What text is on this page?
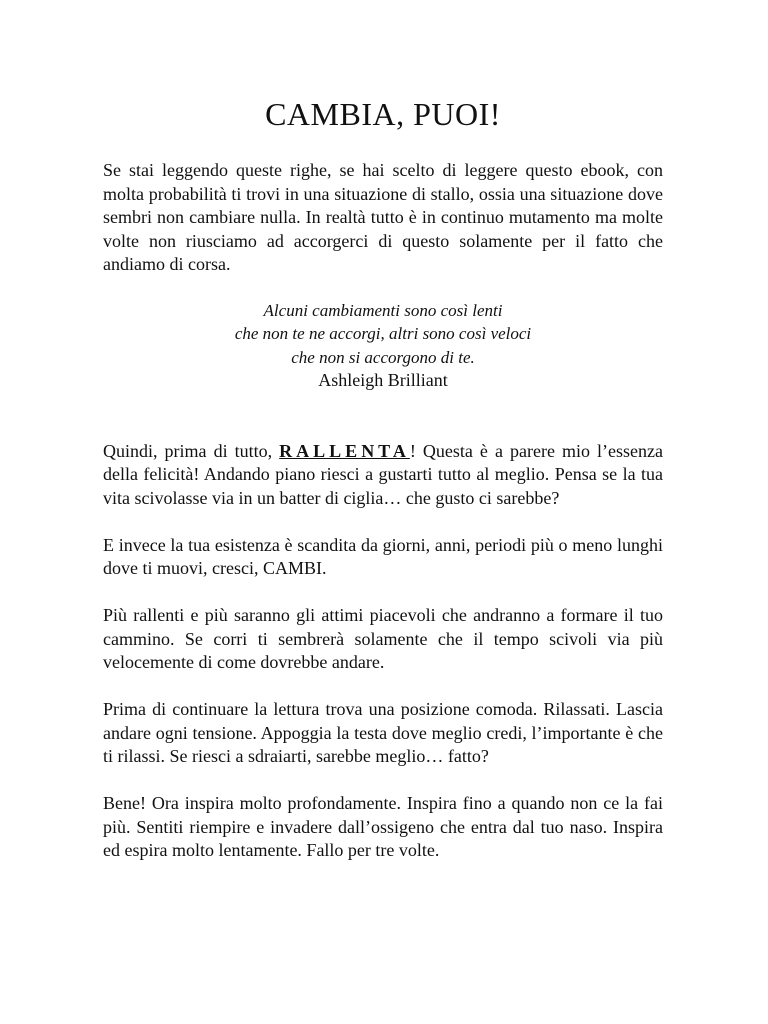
CAMBIA, PUOI!

Se stai leggendo queste righe, se hai scelto di leggere questo ebook, con molta probabilità ti trovi in una situazione di stallo, ossia una situazione dove sembri non cambiare nulla. In realtà tutto è in continuo mutamento ma molte volte non riusciamo ad accorgerci di questo solamente per il fatto che andiamo di corsa.

Alcuni cambiamenti sono così lenti
che non te ne accorgi, altri sono così veloci
che non si accorgono di te.
Ashleigh Brilliant

Quindi, prima di tutto, RALLENTA! Questa è a parere mio l’essenza della felicità! Andando piano riesci a gustarti tutto al meglio. Pensa se la tua vita scivolasse via in un batter di ciglia… che gusto ci sarebbe?

E invece la tua esistenza è scandita da giorni, anni, periodi più o meno lunghi dove ti muovi, cresci, CAMBI.

Più rallenti e più saranno gli attimi piacevoli che andranno a formare il tuo cammino. Se corri ti sembrerà solamente che il tempo scivoli via più velocemente di come dovrebbe andare.

Prima di continuare la lettura trova una posizione comoda. Rilassati. Lascia andare ogni tensione. Appoggia la testa dove meglio credi, l’importante è che ti rilassi. Se riesci a sdraiarti, sarebbe meglio… fatto?

Bene! Ora inspira molto profondamente. Inspira fino a quando non ce la fai più. Sentiti riempire e invadere dall’ossigeno che entra dal tuo naso. Inspira ed espira molto lentamente. Fallo per tre volte.
